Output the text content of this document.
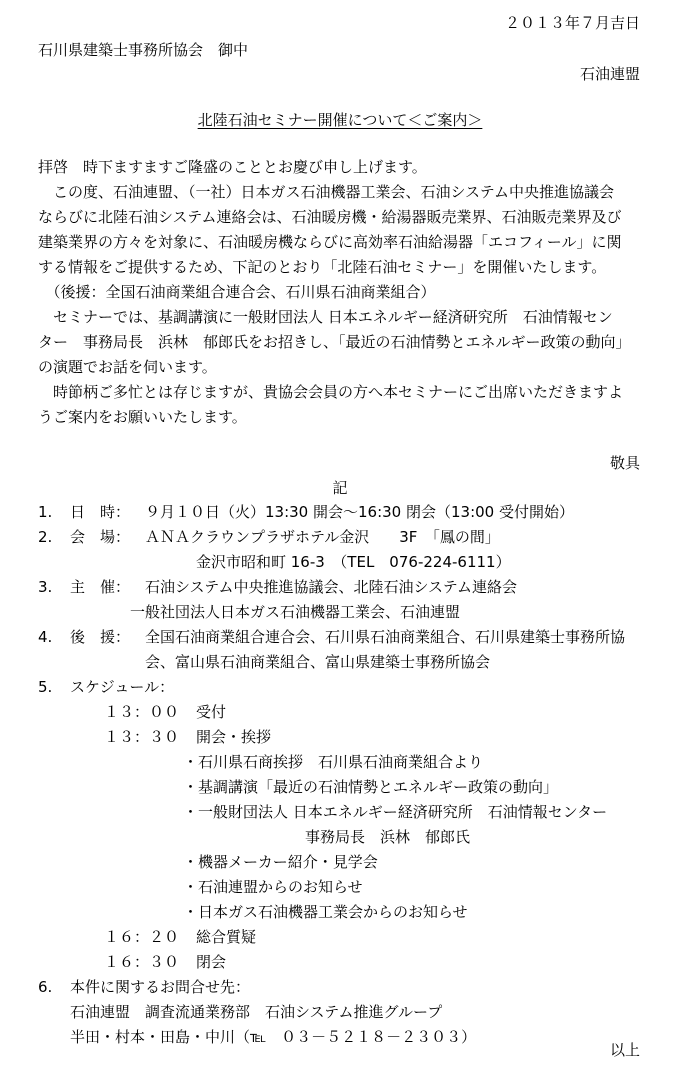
２０１３年７月吉日
石川県建築士事務所協会　御中
石油連盟
北陸石油セミナー開催について＜ご案内＞
拝啓　時下ますますご隆盛のこととお慶び申し上げます。
　この度、石油連盟、（一社）日本ガス石油機器工業会、石油システム中央推進協議会
ならびに北陸石油システム連絡会は、石油暖房機・給湯器販売業界、石油販売業界及び
建築業界の方々を対象に、石油暖房機ならびに高効率石油給湯器「エコフィール」に関
する情報をご提供するため、下記のとおり「北陸石油セミナー」を開催いたします。
　（後援：全国石油商業組合連合会、石川県石油商業組合）
　セミナーでは、基調講演に一般財団法人 日本エネルギー経済研究所　石油情報セン
ター　事務局長　浜林　郁郎氏をお招きし、｢最近の石油情勢とエネルギー政策の動向｣
の演題でお話を伺います。
　時節柄ご多忙とは存じますが、貴協会会員の方へ本セミナーにご出席いただきますよ
うご案内をお願いいたします。
敬具
記
1. 日　時： ９月１０日（火）13:30 開会～16:30 閉会（13:00 受付開始）
2. 会　場： ＡＮＡクラウンプラザホテル金沢　　3F　「鳳の間」
金沢市昭和町 16-3　（TEL　076-224-6111）
3. 主　催： 石油システム中央推進協議会、北陸石油システム連絡会
一般社団法人日本ガス石油機器工業会、石油連盟
4. 後　援： 全国石油商業組合連合会、石川県石油商業組合、石川県建築士事務所協
会、富山県石油商業組合、富山県建築士事務所協会
5. スケジュール：
１３：００ 受付
１３：３０ 開会・挨拶
・石川県石商挨拶　石川県石油商業組合より
・基調講演「最近の石油情勢とエネルギー政策の動向」
・一般財団法人 日本エネルギー経済研究所　石油情報センター
事務局長　浜林　郁郎氏
・機器メーカー紹介・見学会
・石油連盟からのお知らせ
・日本ガス石油機器工業会からのお知らせ
１６：２０ 総合質疑
１６：３０ 閉会
6. 本件に関するお問合せ先：
石油連盟　調査流通業務部　石油システム推進グループ
半田・村本・田島・中川（℡　０３－５２１８－２３０３）
以上
